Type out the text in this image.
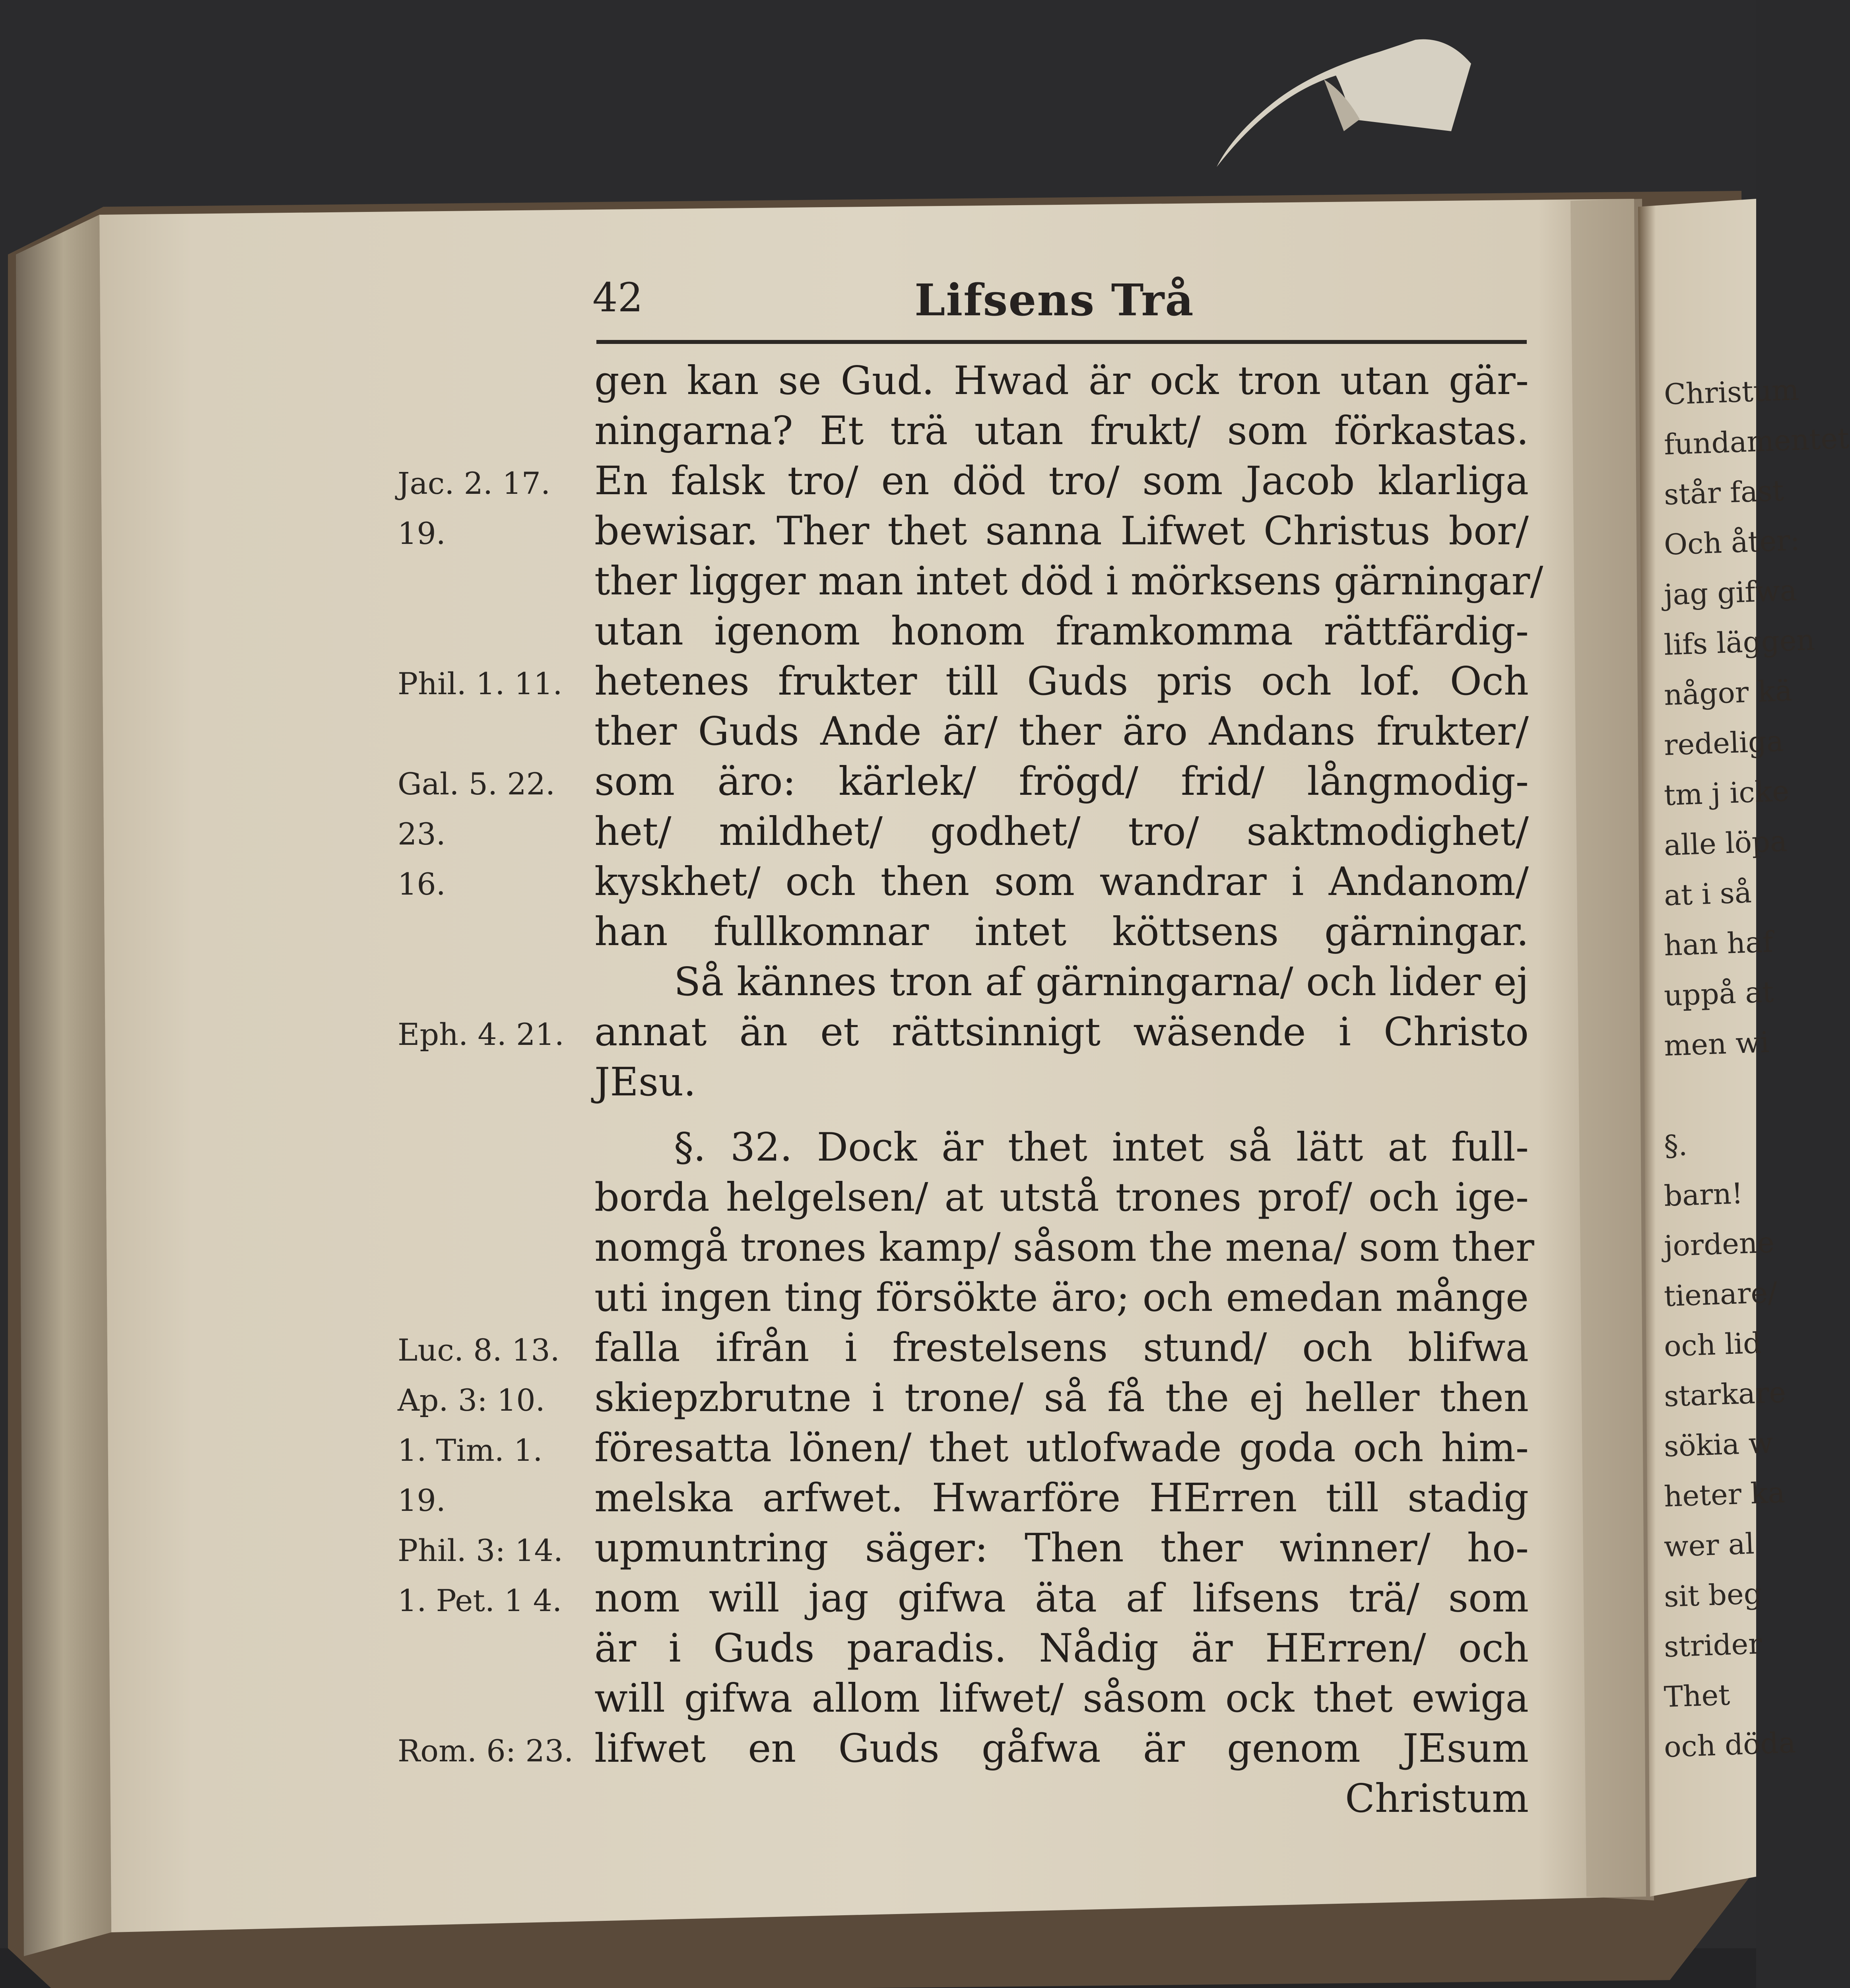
42	Lifsens Trå
gen kan se Gud. Hwad är ock tron utan gär-
ningarna? Et trä utan frukt/ som förkastas.
En falsk tro/ en död tro/ som Jacob klarliga
bewisar. Ther thet sanna Lifwet Christus bor/
ther ligger man intet död i mörksens gärningar/
utan igenom honom framkomma rättfärdig-
hetenes frukter till Guds pris och lof. Och
ther Guds Ande är/ ther äro Andans frukter/
som äro: kärlek/ frögd/ frid/ långmodig-
het/ mildhet/ godhet/ tro/ saktmodighet/
kyskhet/ och then som wandrar i Andanom/
han fullkomnar intet köttsens gärningar.
Så kännes tron af gärningarna/ och lider ej
annat än et rättsinnigt wäsende i Christo
JEsu.
§. 32. Dock är thet intet så lätt at full-
borda helgelsen/ at utstå trones prof/ och ige-
nomgå trones kamp/ såsom the mena/ som ther
uti ingen ting försökte äro; och emedan månge
falla ifrån i frestelsens stund/ och blifwa
skiepzbrutne i trone/ så få the ej heller then
föresatta lönen/ thet utlofwade goda och him-
melska arfwet. Hwarföre HErren till stadig
upmuntring säger: Then ther winner/ ho-
nom will jag gifwa äta af lifsens trä/ som
är i Guds paradis. Nådig är HErren/ och
will gifwa allom lifwet/ såsom ock thet ewiga
lifwet en Guds gåfwa är genom JEsum
Christum
Jac. 2. 17.
19.
Phil. 1. 11.
Gal. 5. 22.
23.
16.
Eph. 4. 21.
Luc. 8. 13.
Ap. 3: 10.
1. Tim. 1.
19.
Phil. 3: 14.
1. Pet. 1 4.
Rom. 6: 23.
Christum
fundamentet
står fast
Och åter:
jag gifwa
lifs läggen
någor kä
redeliga
tm j icke
alle löpa
at i så
han haf
uppå at
men wi
§.
barn!
jordene
tienare/
och lid
starkare
sökia w
heter ka
wer al
sit beg
strider
Thet
och döda
